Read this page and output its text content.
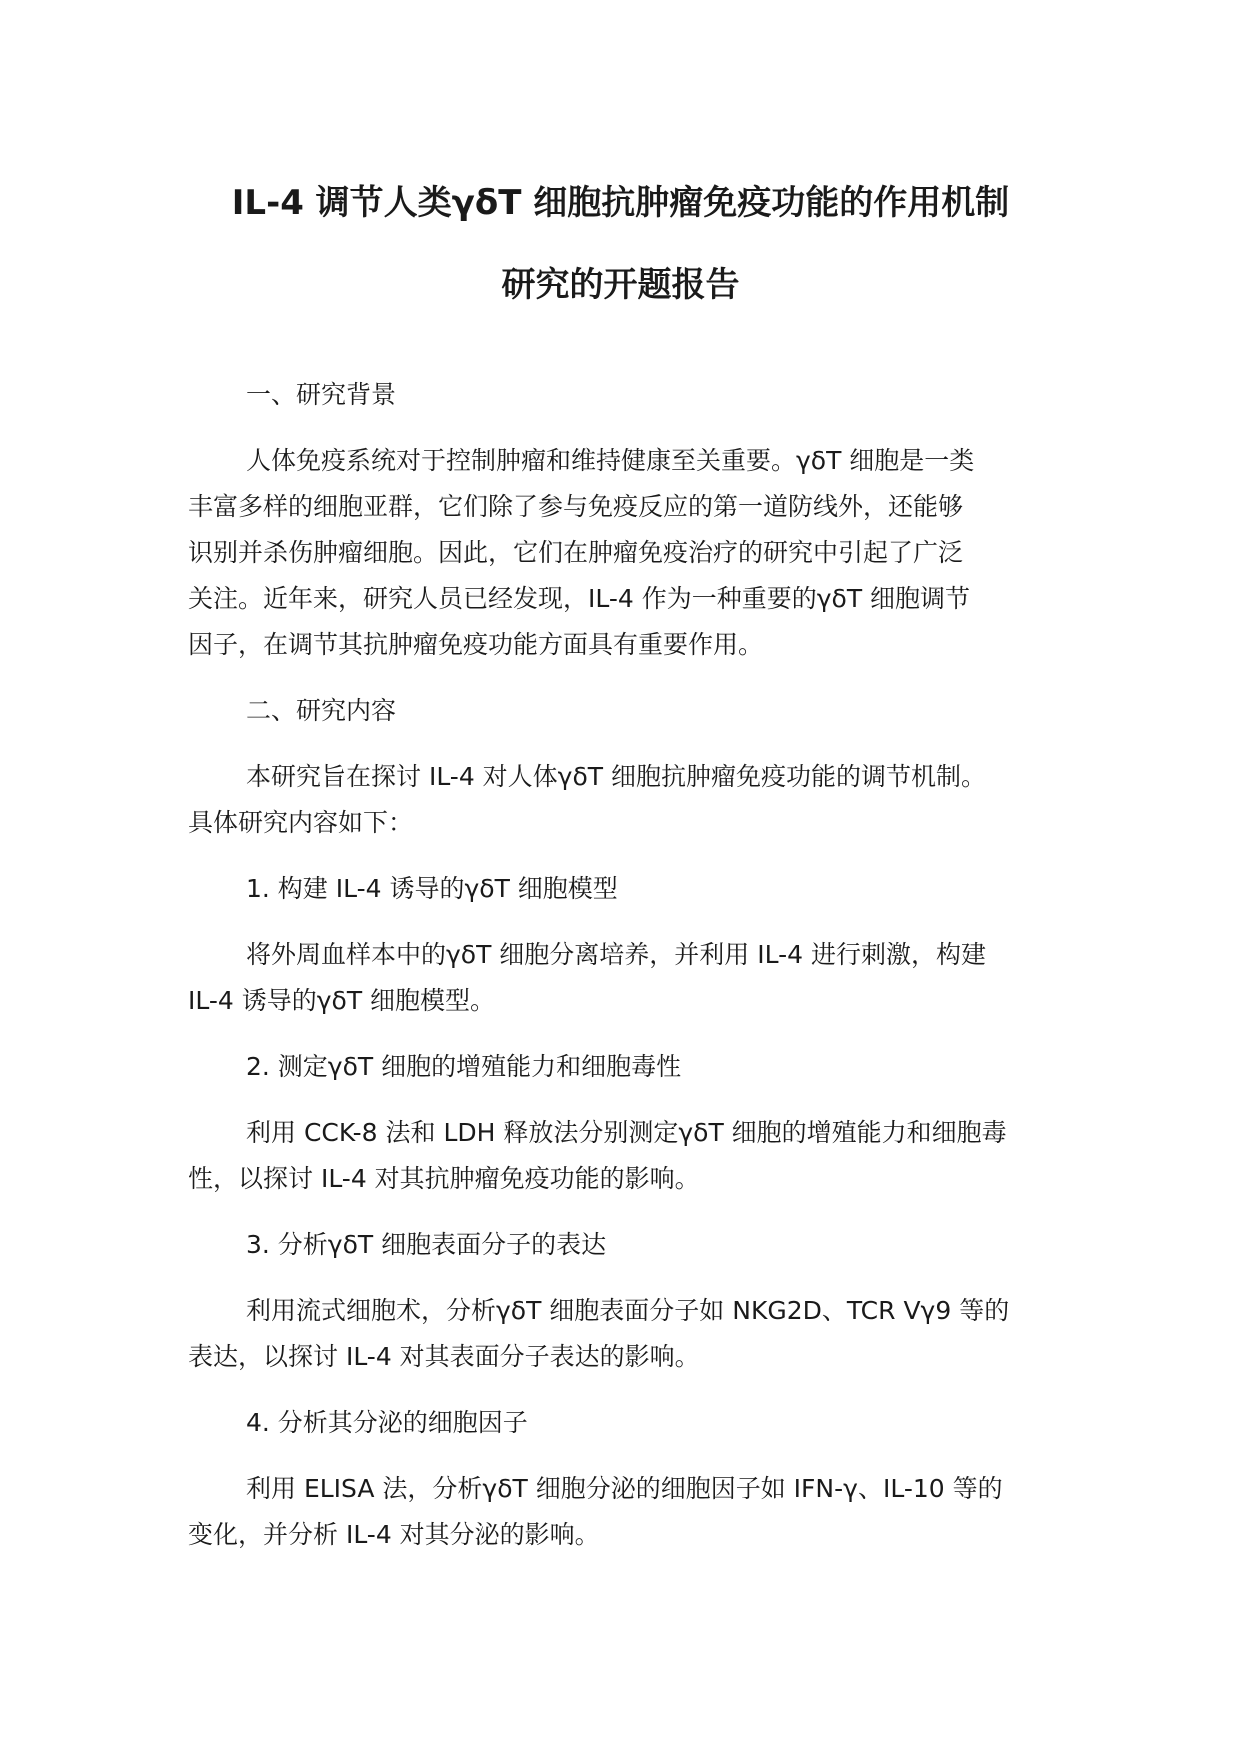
IL-4 调节人类γδT 细胞抗肿瘤免疫功能的作用机制
研究的开题报告
一、研究背景
人体免疫系统对于控制肿瘤和维持健康至关重要。γδT 细胞是一类
丰富多样的细胞亚群，它们除了参与免疫反应的第一道防线外，还能够
识别并杀伤肿瘤细胞。因此，它们在肿瘤免疫治疗的研究中引起了广泛
关注。近年来，研究人员已经发现，IL-4 作为一种重要的γδT 细胞调节
因子，在调节其抗肿瘤免疫功能方面具有重要作用。
二、研究内容
本研究旨在探讨 IL-4 对人体γδT 细胞抗肿瘤免疫功能的调节机制。
具体研究内容如下：
1. 构建 IL-4 诱导的γδT 细胞模型
将外周血样本中的γδT 细胞分离培养，并利用 IL-4 进行刺激，构建
IL-4 诱导的γδT 细胞模型。
2. 测定γδT 细胞的增殖能力和细胞毒性
利用 CCK-8 法和 LDH 释放法分别测定γδT 细胞的增殖能力和细胞毒
性，以探讨 IL-4 对其抗肿瘤免疫功能的影响。
3. 分析γδT 细胞表面分子的表达
利用流式细胞术，分析γδT 细胞表面分子如 NKG2D、TCR Vγ9 等的
表达，以探讨 IL-4 对其表面分子表达的影响。
4. 分析其分泌的细胞因子
利用 ELISA 法，分析γδT 细胞分泌的细胞因子如 IFN-γ、IL-10 等的
变化，并分析 IL-4 对其分泌的影响。
